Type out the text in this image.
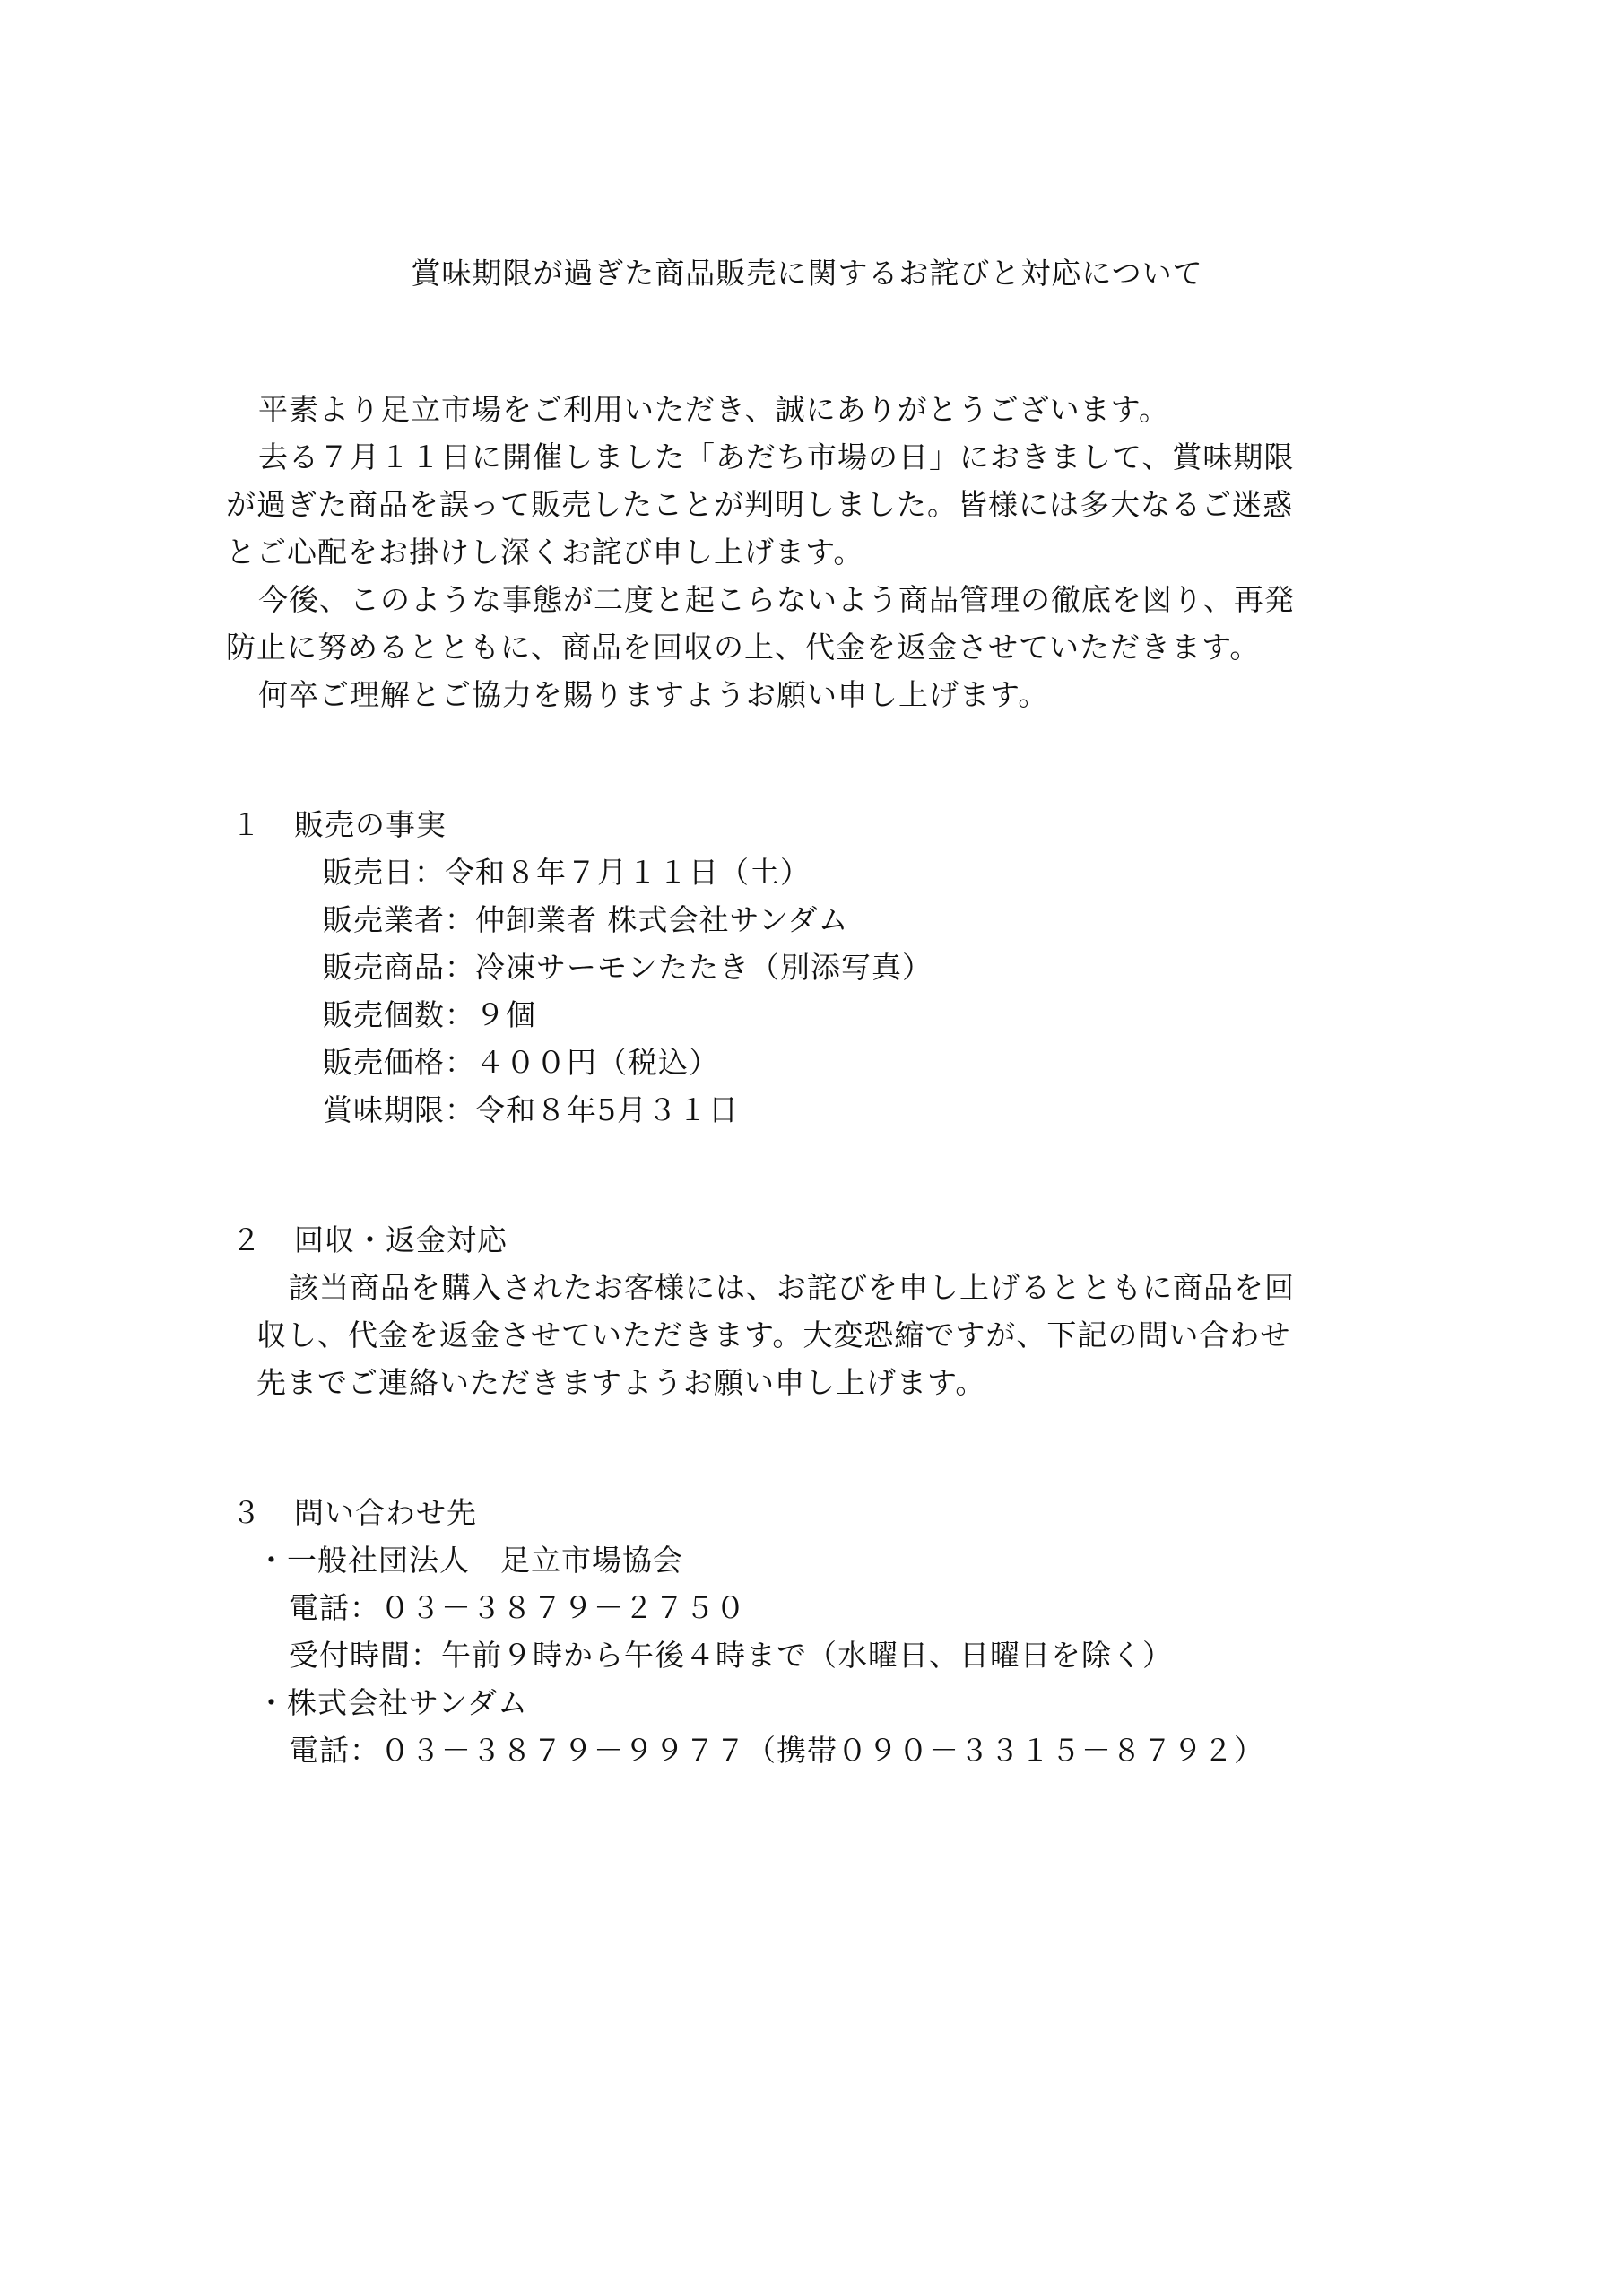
賞味期限が過ぎた商品販売に関するお詫びと対応について
平素より足立市場をご利用いただき、誠にありがとうございます。
去る７月１１日に開催しました「あだち市場の日」におきまして、賞味期限
が過ぎた商品を誤って販売したことが判明しました。皆様には多大なるご迷惑
とご心配をお掛けし深くお詫び申し上げます。
今後、このような事態が二度と起こらないよう商品管理の徹底を図り、再発
防止に努めるとともに、商品を回収の上、代金を返金させていただきます。
何卒ご理解とご協力を賜りますようお願い申し上げます。
１ 販売の事実
販売日：令和８年７月１１日（土）
販売業者：仲卸業者 株式会社サンダム
販売商品：冷凍サーモンたたき（別添写真）
販売個数：９個
販売価格：４００円（税込）
賞味期限：令和８年5月３１日
２ 回収・返金対応
該当商品を購入されたお客様には、お詫びを申し上げるとともに商品を回
収し、代金を返金させていただきます。大変恐縮ですが、下記の問い合わせ
先までご連絡いただきますようお願い申し上げます。
３ 問い合わせ先
・一般社団法人　足立市場協会
電話：０３－３８７９－２７５０
受付時間：午前９時から午後４時まで（水曜日、日曜日を除く）
・株式会社サンダム
電話：０３－３８７９－９９７７（携帯０９０－３３１５－８７９２）
